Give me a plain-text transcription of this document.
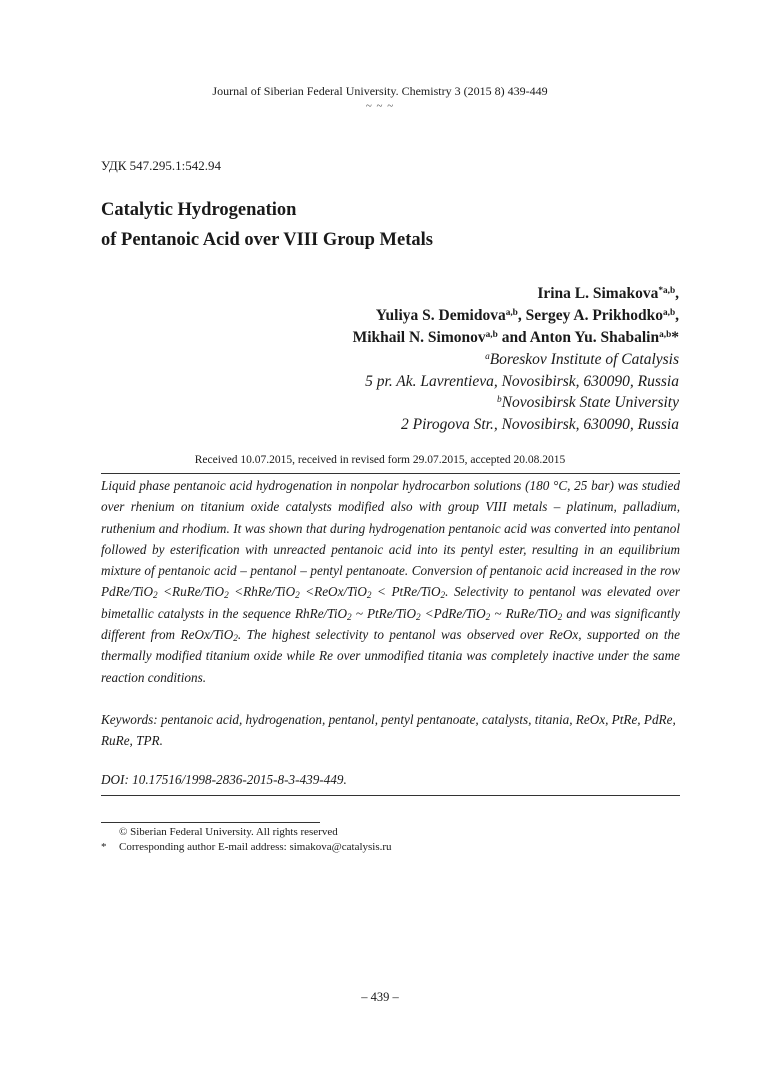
Journal of Siberian Federal University. Chemistry 3 (2015 8) 439-449
~ ~ ~
УДК 547.295.1:542.94
Catalytic Hydrogenation
of Pentanoic Acid over VIII Group Metals
Irina L. Simakova$^{*a,b}$,
Yuliya S. Demidova$^{a,b}$, Sergey A. Prikhodko$^{a,b}$,
Mikhail N. Simonov$^{a,b}$ and Anton Yu. Shabalin$^{a,b}$*
$^a$Boreskov Institute of Catalysis
5 pr. Ak. Lavrentieva, Novosibirsk, 630090, Russia
$^b$Novosibirsk State University
2 Pirogova Str., Novosibirsk, 630090, Russia
Received 10.07.2015, received in revised form 29.07.2015, accepted 20.08.2015
Liquid phase pentanoic acid hydrogenation in nonpolar hydrocarbon solutions (180 °C, 25 bar) was studied over rhenium on titanium oxide catalysts modified also with group VIII metals – platinum, palladium, ruthenium and rhodium. It was shown that during hydrogenation pentanoic acid was converted into pentanol followed by esterification with unreacted pentanoic acid into its pentyl ester, resulting in an equilibrium mixture of pentanoic acid – pentanol – pentyl pentanoate. Conversion of pentanoic acid increased in the row PdRe/TiO$_2$ <RuRe/TiO$_2$ <RhRe/TiO$_2$ <ReOx/TiO$_2$ < PtRe/TiO$_2$. Selectivity to pentanol was elevated over bimetallic catalysts in the sequence RhRe/TiO$_2$ ~ PtRe/TiO$_2$ <PdRe/TiO$_2$ ~ RuRe/TiO$_2$ and was significantly different from ReOx/TiO$_2$. The highest selectivity to pentanol was observed over ReOx, supported on the thermally modified titanium oxide while Re over unmodified titania was completely inactive under the same reaction conditions.
Keywords: pentanoic acid, hydrogenation, pentanol, pentyl pentanoate, catalysts, titania, ReOx, PtRe, PdRe, RuRe, TPR.
DOI: 10.17516/1998-2836-2015-8-3-439-449.
© Siberian Federal University. All rights reserved
*	Corresponding author E-mail address: simakova@catalysis.ru
– 439 –
